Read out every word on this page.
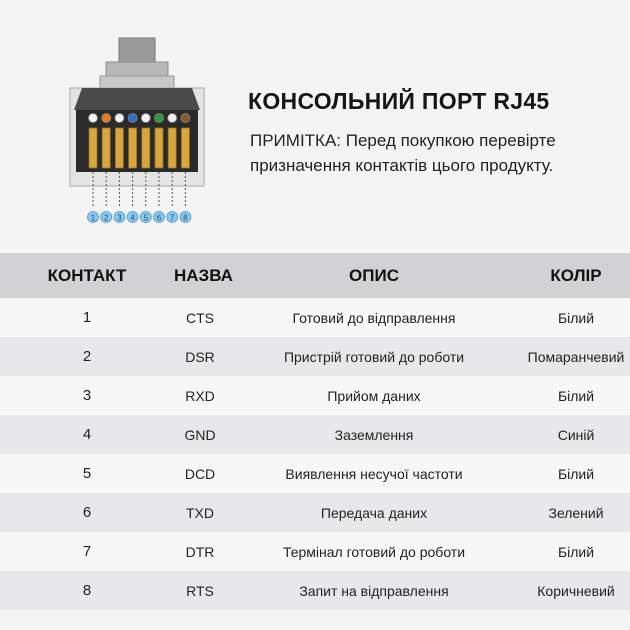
1 2 3 4 5 6 7 8
КОНСОЛЬНИЙ ПОРТ RJ45

ПРИМІТКА: Перед покупкою перевірте призначення контактів цього продукту.

КОНТАКТ	НАЗВА	ОПИС	КОЛІР
1	CTS	Готовий до відправлення	Білий
2	DSR	Пристрій готовий до роботи	Помаранчевий
3	RXD	Прийом даних	Білий
4	GND	Заземлення	Синій
5	DCD	Виявлення несучої частоти	Білий
6	TXD	Передача даних	Зелений
7	DTR	Термінал готовий до роботи	Білий
8	RTS	Запит на відправлення	Коричневий
